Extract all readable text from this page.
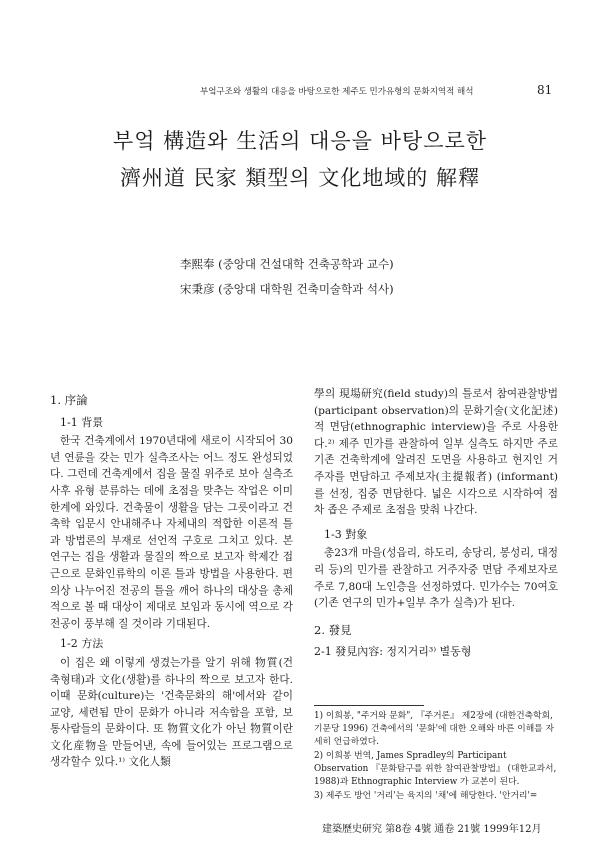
부엌구조와 생활의 대응을 바탕으로한 제주도 민가유형의 문화지역적 해석	81
부엌 構造와 生活의 대응을 바탕으로한
濟州道 民家 類型의 文化地域的 解釋
李熙奉 (중앙대 건설대학 건축공학과 교수)
宋秉彦 (중앙대 대학원 건축미술학과 석사)
1. 序論
1-1 背景

한국 건축계에서 1970년대에 새로이 시작되어 30년 연륜을 갖는 민가 실측조사는 어느 정도 완성되었다. 그런데 건축계에서 집을 물질 위주로 보아 실측조사후 유형 분류하는 데에 초점을 맞추는 작업은 이미 한계에 와있다. 건축물이 생활을 담는 그릇이라고 건축학 입문시 안내해주나 자체내의 적합한 이론적 틀과 방법론의 부재로 선언적 구호로 그치고 있다. 본 연구는 집을 생활과 물질의 짝으로 보고자 학제간 접근으로 문화인류학의 이론 틀과 방법을 사용한다. 편의상 나누어진 전공의 틀을 깨어 하나의 대상을 총체적으로 볼 때 대상이 제대로 보임과 동시에 역으로 각 전공이 풍부해 질 것이라 기대된다.

1-2 方法

이 집은 왜 이렇게 생겼는가를 알기 위해 物質(건축형태)과 文化(생활)를 하나의 짝으로 보고자 한다. 이때 문화(culture)는 '건축문화의 해'에서와 같이 교양, 세련됨 만이 문화가 아니라 저속함을 포함, 보통사람들의 문화이다. 또 物質文化가 아닌 物質이란 文化産物을 만들어낸, 속에 들어있는 프로그램으로 생각할수 있다.¹⁾ 文化人類

學의 現場研究(field study)의 틀로서 참여관찰방법(participant observation)의 문화기술(文化記述)적 면담(ethnographic interview)을 주로 사용한다.²⁾ 제주 민가를 관찰하여 일부 실측도 하지만 주로 기존 건축학계에 알려진 도면을 사용하고 현지인 거주자를 면담하고 주제보자(主提報者) (informant)를 선정, 집중 면담한다. 넓은 시각으로 시작하여 점차 좁은 주제로 초점을 맞춰 나간다.

1-3 對象

총23개 마을(성읍리, 하도리, 송당리, 봉성리, 대정리 등)의 민가를 관찰하고 거주자중 면담 주제보자로 주로 7,80대 노인층을 선정하였다. 민가수는 70여호(기존 연구의 민가+일부 추가 실측)가 된다.

2. 發見
2-1 發見內容: 정지거리³⁾ 별동형
1) 이희봉, "주거와 문화", 『주거론』 제2장에 (대한건축학회, 기문당 1996) 건축에서의 '문화'에 대한 오해와 바른 이해를 자세히 언급하였다.
2) 이희봉 번역, James Spradley의 Participant Observation 『문화탐구를 위한 참여관찰방법』 (대한교과서, 1988)과 Ethnographic Interview 가 교본이 된다.
3) 제주도 방언 '거리'는 육지의 '채'에 해당한다. '안거리'=
建築歷史研究 第8卷 4號 通卷 21號 1999年12月
